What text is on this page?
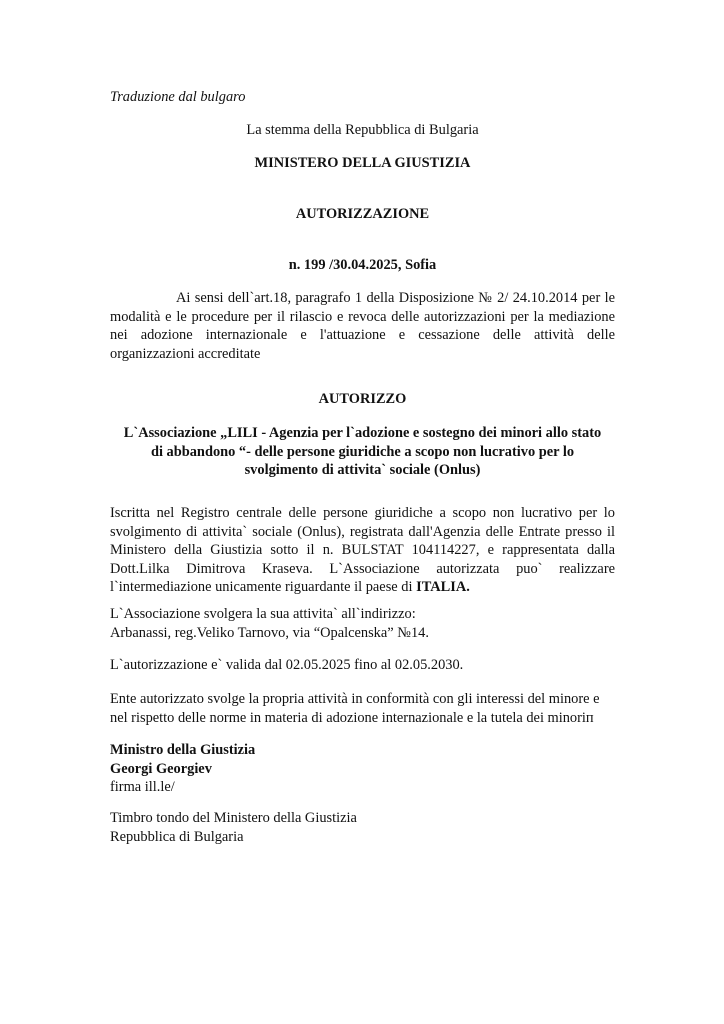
Traduzione dal bulgaro

La stemma della Repubblica di Bulgaria

MINISTERO DELLA GIUSTIZIA

AUTORIZZAZIONE

n. 199 /30.04.2025, Sofia

Ai sensi dell`art.18, paragrafo 1 della Disposizione № 2/ 24.10.2014 per le modalità e le procedure per il rilascio e revoca delle autorizzazioni per la mediazione nei adozione internazionale e l'attuazione e cessazione delle attività delle organizzazioni accreditate

AUTORIZZO

L`Associazione „LILI - Agenzia per l`adozione e sostegno dei minori allo stato
di abbandono “- delle persone giuridiche a scopo non lucrativo per lo
svolgimento di attivita` sociale (Onlus)

Iscritta nel Registro centrale delle persone giuridiche a scopo non lucrativo per lo svolgimento di attivita` sociale (Onlus), registrata dall'Agenzia delle Entrate presso il Ministero della Giustizia sotto il n. BULSTAT 104114227, e rappresentata dalla Dott.Lilka Dimitrova Kraseva. L`Associazione autorizzata puo` realizzare l`intermediazione unicamente riguardante il paese di ITALIA.

L`Associazione svolgera la sua attivita` all`indirizzo:
Arbanassi, reg.Veliko Tarnovo, via “Opalcenska” №14.

L`autorizzazione e` valida dal 02.05.2025 fino al 02.05.2030.

Ente autorizzato svolge la propria attività in conformità con gli interessi del minore e nel rispetto delle norme in materia di adozione internazionale e la tutela dei minoriп

Ministro della Giustizia
Georgi Georgiev
firma ill.le/
Timbro tondo del Ministero della Giustizia
Repubblica di Bulgaria
